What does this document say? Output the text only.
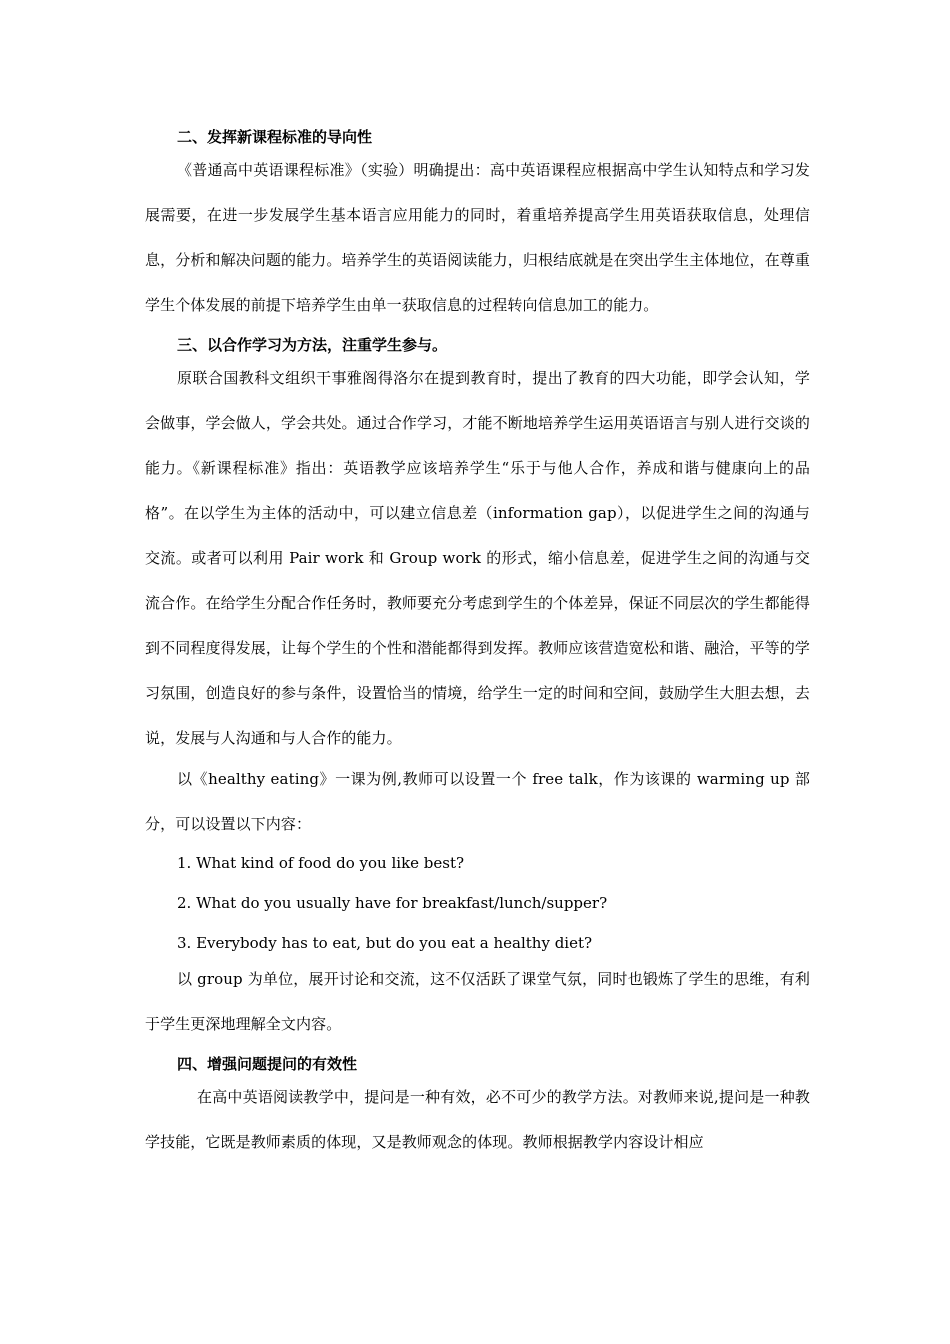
二、发挥新课程标准的导向性

《普通高中英语课程标准》（实验）明确提出：高中英语课程应根据高中学生认知特点和学习发展需要，在进一步发展学生基本语言应用能力的同时，着重培养提高学生用英语获取信息，处理信息，分析和解决问题的能力。培养学生的英语阅读能力，归根结底就是在突出学生主体地位，在尊重学生个体发展的前提下培养学生由单一获取信息的过程转向信息加工的能力。

三、以合作学习为方法，注重学生参与。

原联合国教科文组织干事雅阁得洛尔在提到教育时，提出了教育的四大功能，即学会认知，学会做事，学会做人，学会共处。通过合作学习，才能不断地培养学生运用英语语言与别人进行交谈的能力。《新课程标准》指出：英语教学应该培养学生“乐于与他人合作，养成和谐与健康向上的品格”。在以学生为主体的活动中，可以建立信息差（information gap），以促进学生之间的沟通与交流。或者可以利用 Pair work 和 Group work 的形式，缩小信息差，促进学生之间的沟通与交流合作。在给学生分配合作任务时，教师要充分考虑到学生的个体差异，保证不同层次的学生都能得到不同程度得发展，让每个学生的个性和潜能都得到发挥。教师应该营造宽松和谐、融洽，平等的学习氛围，创造良好的参与条件，设置恰当的情境，给学生一定的时间和空间，鼓励学生大胆去想，去说，发展与人沟通和与人合作的能力。

以《healthy eating》一课为例,教师可以设置一个 free talk，作为该课的 warming up 部分，可以设置以下内容：

1. What kind of food do you like best?
2. What do you usually have for breakfast/lunch/supper?
3. Everybody has to eat, but do you eat a healthy diet?

以 group 为单位，展开讨论和交流，这不仅活跃了课堂气氛，同时也锻炼了学生的思维，有利于学生更深地理解全文内容。

四、增强问题提问的有效性

在高中英语阅读教学中，提问是一种有效，必不可少的教学方法。对教师来说,提问是一种教学技能，它既是教师素质的体现，又是教师观念的体现。教师根据教学内容设计相应
